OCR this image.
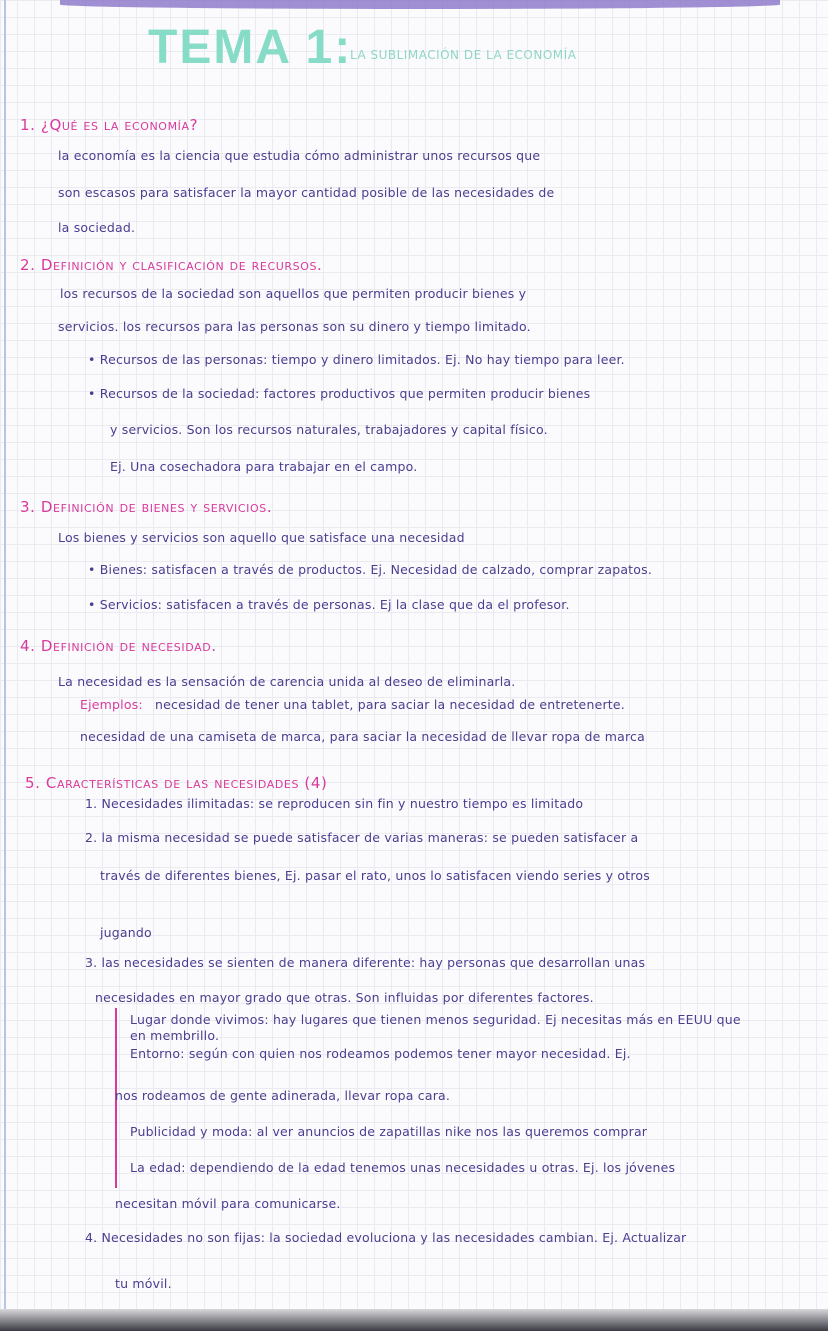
TEMA 1:
LA SUBLIMACIÓN DE LA ECONOMÍA
1. ¿Qué es la economía?
la economía es la ciencia que estudia cómo administrar unos recursos que
son escasos para satisfacer la mayor cantidad posible de las necesidades de
la sociedad.
2. Definición y clasificación de recursos.
los recursos de la sociedad son aquellos que permiten producir bienes y
servicios. los recursos para las personas son su dinero y tiempo limitado.
• Recursos de las personas: tiempo y dinero limitados. Ej. No hay tiempo para leer.
• Recursos de la sociedad: factores productivos que permiten producir bienes
y servicios. Son los recursos naturales, trabajadores y capital físico.
Ej. Una cosechadora para trabajar en el campo.
3. Definición de bienes y servicios.
Los bienes y servicios son aquello que satisface una necesidad
• Bienes: satisfacen a través de productos. Ej. Necesidad de calzado, comprar zapatos.
• Servicios: satisfacen a través de personas. Ej la clase que da el profesor.
4. Definición de necesidad.
La necesidad es la sensación de carencia unida al deseo de eliminarla.
Ejemplos: necesidad de tener una tablet, para saciar la necesidad de entretenerte.
necesidad de una camiseta de marca, para saciar la necesidad de llevar ropa de marca
5. Características de las necesidades (4)
1. Necesidades ilimitadas: se reproducen sin fin y nuestro tiempo es limitado
2. la misma necesidad se puede satisfacer de varias maneras: se pueden satisfacer a
través de diferentes bienes, Ej. pasar el rato, unos lo satisfacen viendo series y otros
jugando
3. las necesidades se sienten de manera diferente: hay personas que desarrollan unas
necesidades en mayor grado que otras. Son influidas por diferentes factores.
Lugar donde vivimos: hay lugares que tienen menos seguridad. Ej necesitas más en EEUU que
en membrillo.
Entorno: según con quien nos rodeamos podemos tener mayor necesidad. Ej.
nos rodeamos de gente adinerada, llevar ropa cara.
Publicidad y moda: al ver anuncios de zapatillas nike nos las queremos comprar
La edad: dependiendo de la edad tenemos unas necesidades u otras. Ej. los jóvenes
necesitan móvil para comunicarse.
4. Necesidades no son fijas: la sociedad evoluciona y las necesidades cambian. Ej. Actualizar
tu móvil.
